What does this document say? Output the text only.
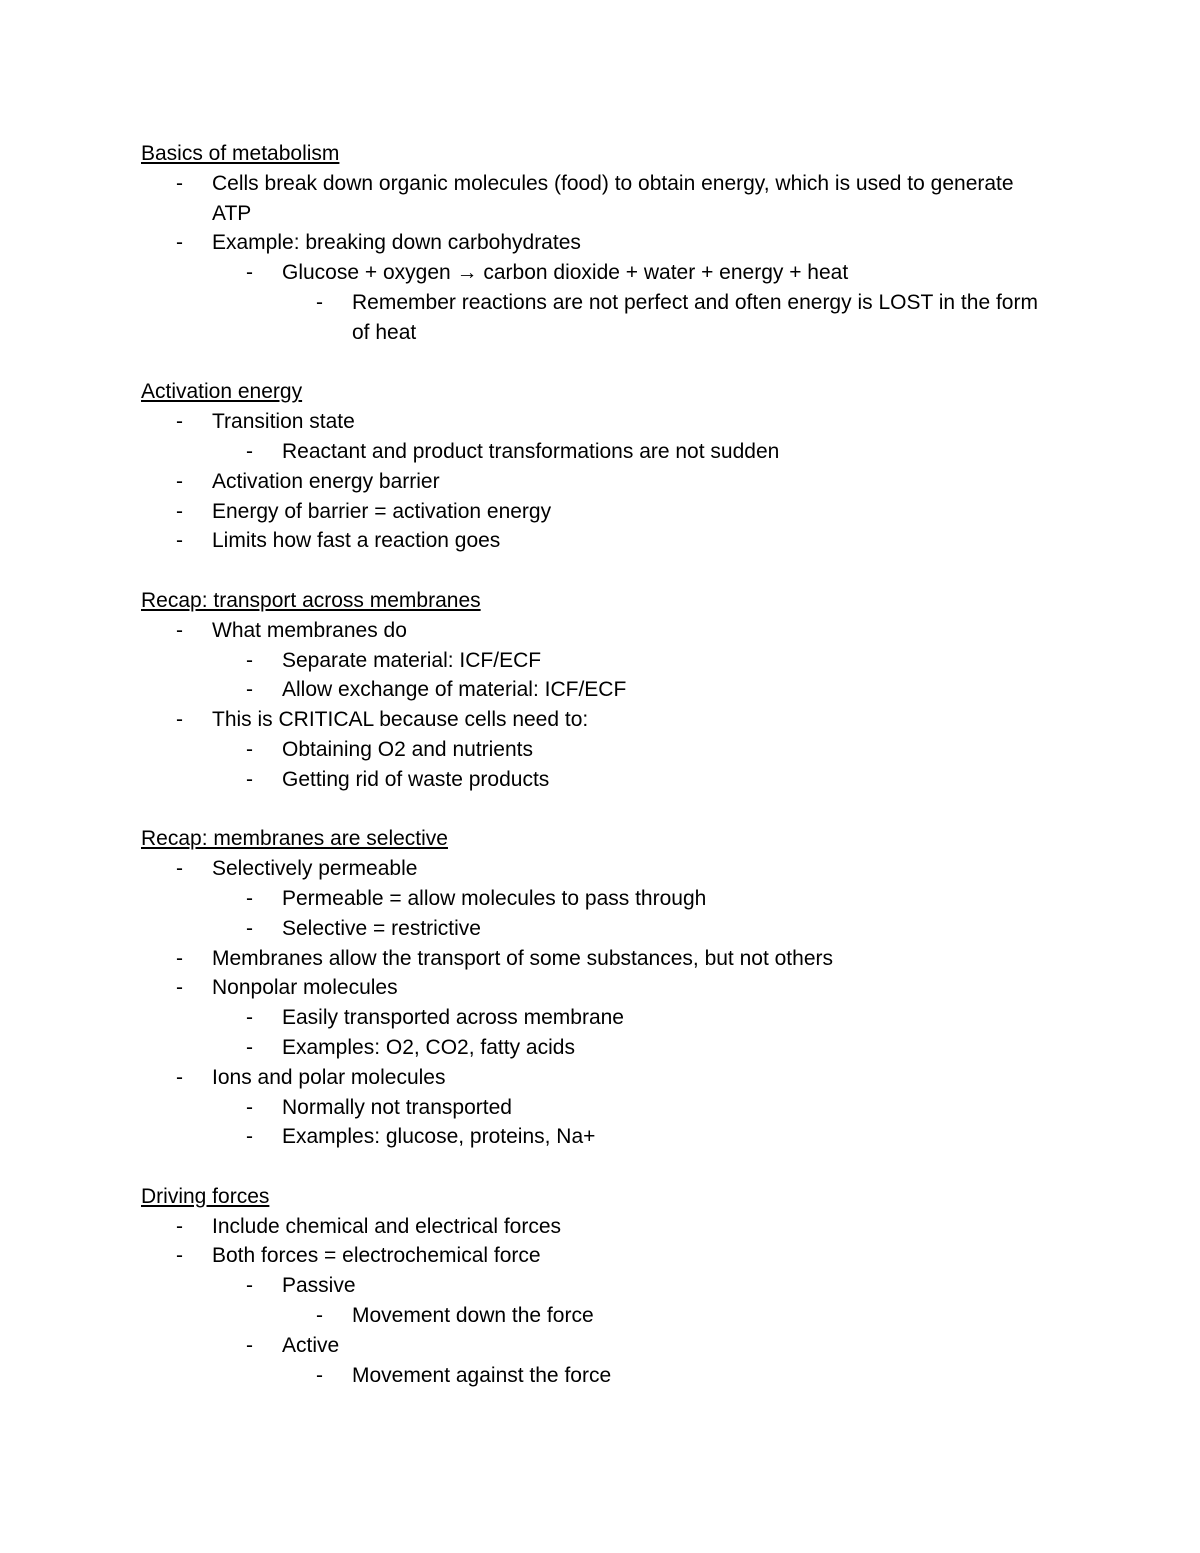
Basics of metabolism
- Cells break down organic molecules (food) to obtain energy, which is used to generate ATP
- Example: breaking down carbohydrates
- Glucose + oxygen → carbon dioxide + water + energy + heat
- Remember reactions are not perfect and often energy is LOST in the form of heat
Activation energy
- Transition state
- Reactant and product transformations are not sudden
- Activation energy barrier
- Energy of barrier = activation energy
- Limits how fast a reaction goes
Recap: transport across membranes
- What membranes do
- Separate material: ICF/ECF
- Allow exchange of material: ICF/ECF
- This is CRITICAL because cells need to:
- Obtaining O2 and nutrients
- Getting rid of waste products
Recap: membranes are selective
- Selectively permeable
- Permeable = allow molecules to pass through
- Selective = restrictive
- Membranes allow the transport of some substances, but not others
- Nonpolar molecules
- Easily transported across membrane
- Examples: O2, CO2, fatty acids
- Ions and polar molecules
- Normally not transported
- Examples: glucose, proteins, Na+
Driving forces
- Include chemical and electrical forces
- Both forces = electrochemical force
- Passive
- Movement down the force
- Active
- Movement against the force
